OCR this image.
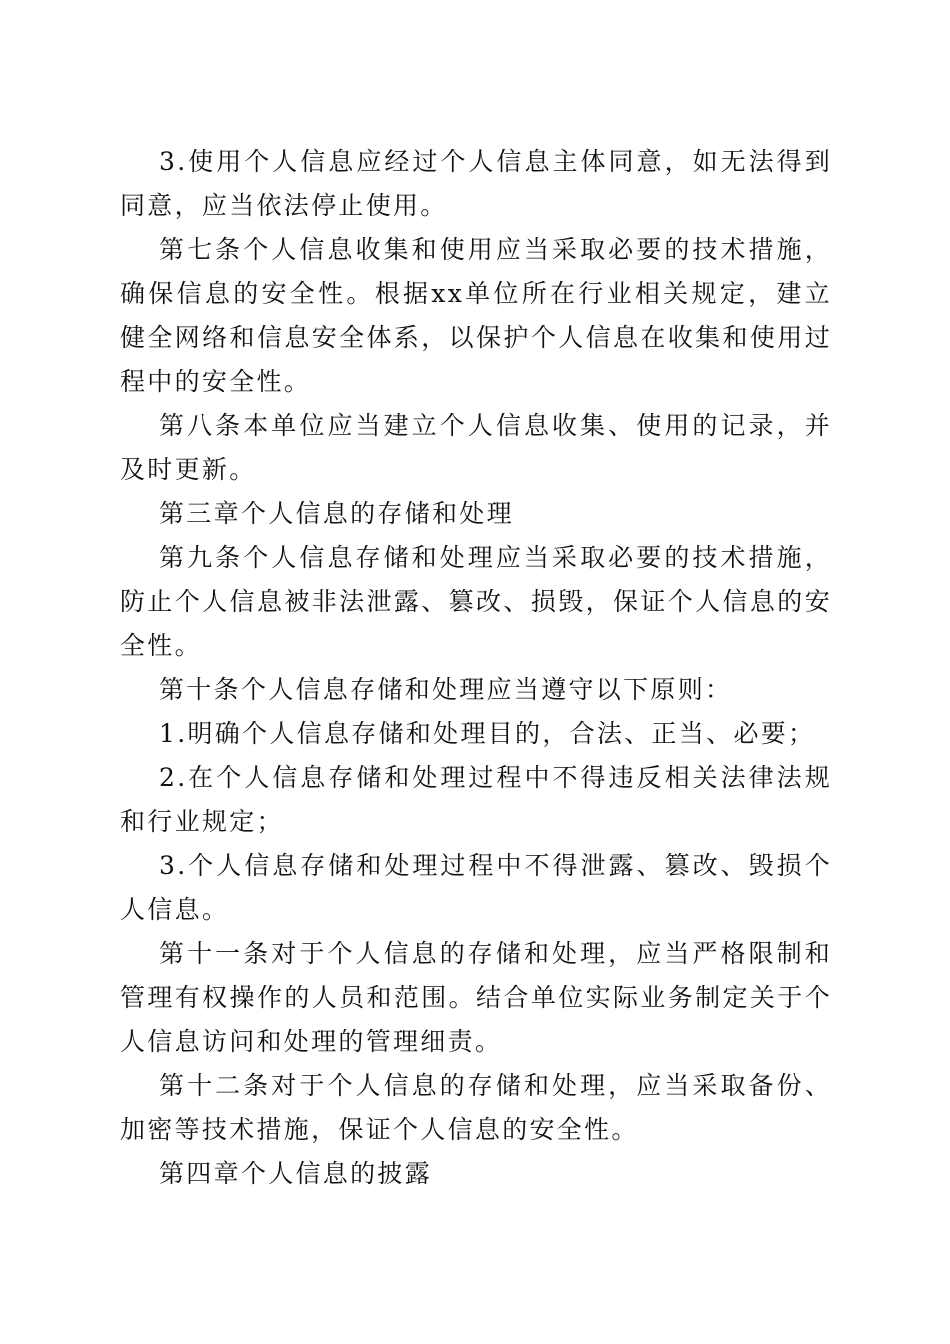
3.使用个人信息应经过个人信息主体同意，如无法得到同意，应当依法停止使用。

第七条个人信息收集和使用应当采取必要的技术措施，确保信息的安全性。根据xx单位所在行业相关规定，建立健全网络和信息安全体系，以保护个人信息在收集和使用过程中的安全性。

第八条本单位应当建立个人信息收集、使用的记录，并及时更新。

第三章个人信息的存储和处理

第九条个人信息存储和处理应当采取必要的技术措施，防止个人信息被非法泄露、篡改、损毁，保证个人信息的安全性。

第十条个人信息存储和处理应当遵守以下原则：

1.明确个人信息存储和处理目的，合法、正当、必要；

2.在个人信息存储和处理过程中不得违反相关法律法规和行业规定；

3.个人信息存储和处理过程中不得泄露、篡改、毁损个人信息。

第十一条对于个人信息的存储和处理，应当严格限制和管理有权操作的人员和范围。结合单位实际业务制定关于个人信息访问和处理的管理细责。

第十二条对于个人信息的存储和处理，应当采取备份、加密等技术措施，保证个人信息的安全性。

第四章个人信息的披露
